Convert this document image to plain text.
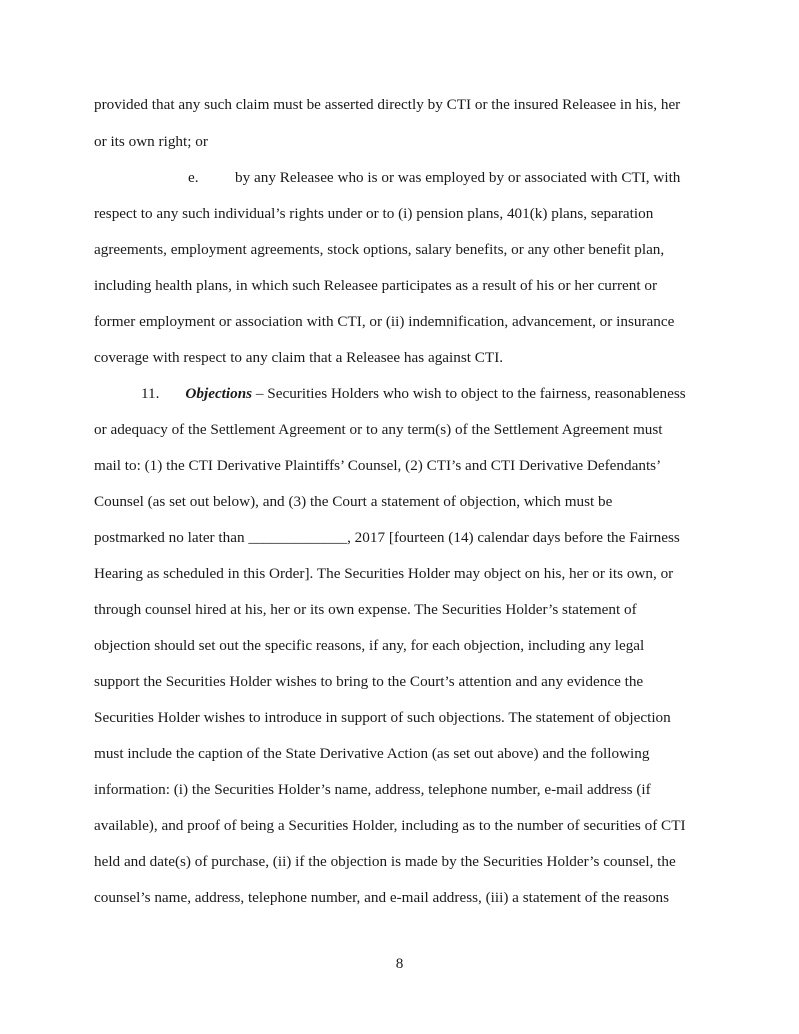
provided that any such claim must be asserted directly by CTI or the insured Releasee in his, her
or its own right; or
e. by any Releasee who is or was employed by or associated with CTI, with
respect to any such individual’s rights under or to (i) pension plans, 401(k) plans, separation
agreements, employment agreements, stock options, salary benefits, or any other benefit plan,
including health plans, in which such Releasee participates as a result of his or her current or
former employment or association with CTI, or (ii) indemnification, advancement, or insurance
coverage with respect to any claim that a Releasee has against CTI.
11. Objections – Securities Holders who wish to object to the fairness, reasonableness
or adequacy of the Settlement Agreement or to any term(s) of the Settlement Agreement must
mail to: (1) the CTI Derivative Plaintiffs’ Counsel, (2) CTI’s and CTI Derivative Defendants’
Counsel (as set out below), and (3) the Court a statement of objection, which must be
postmarked no later than _____________, 2017 [fourteen (14) calendar days before the Fairness
Hearing as scheduled in this Order]. The Securities Holder may object on his, her or its own, or
through counsel hired at his, her or its own expense. The Securities Holder’s statement of
objection should set out the specific reasons, if any, for each objection, including any legal
support the Securities Holder wishes to bring to the Court’s attention and any evidence the
Securities Holder wishes to introduce in support of such objections. The statement of objection
must include the caption of the State Derivative Action (as set out above) and the following
information: (i) the Securities Holder’s name, address, telephone number, e-mail address (if
available), and proof of being a Securities Holder, including as to the number of securities of CTI
held and date(s) of purchase, (ii) if the objection is made by the Securities Holder’s counsel, the
counsel’s name, address, telephone number, and e-mail address, (iii) a statement of the reasons
8
